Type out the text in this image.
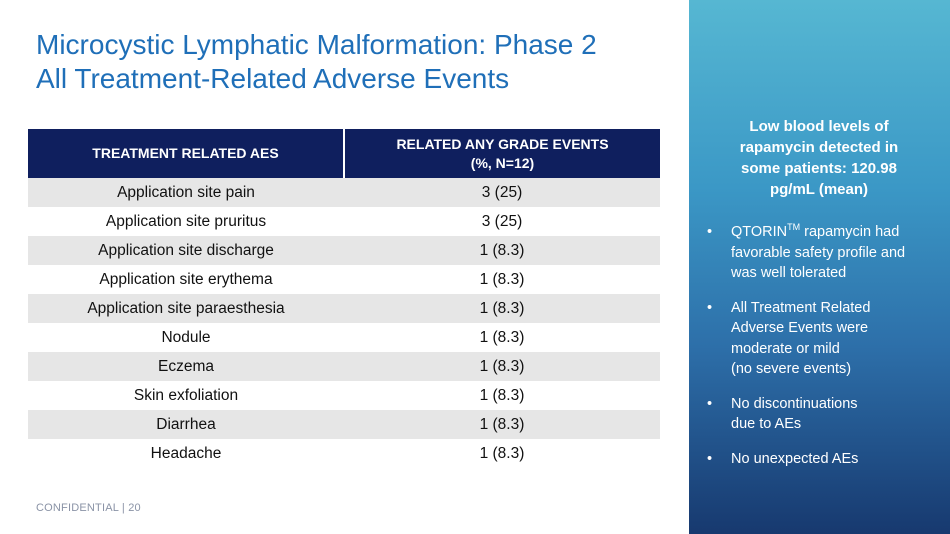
Microcystic Lymphatic Malformation: Phase 2
All Treatment-Related Adverse Events
TREATMENT RELATED AES	RELATED ANY GRADE EVENTS
(%, N=12)

Application site pain	3 (25)
Application site pruritus	3 (25)
Application site discharge	1 (8.3)
Application site erythema	1 (8.3)
Application site paraesthesia	1 (8.3)
Nodule	1 (8.3)
Eczema	1 (8.3)
Skin exfoliation	1 (8.3)
Diarrhea	1 (8.3)
Headache	1 (8.3)
CONFIDENTIAL | 20
Low blood levels of
rapamycin detected in
some patients: 120.98
pg/mL (mean)
• QTORIN™ rapamycin had
favorable safety profile and
was well tolerated
• All Treatment Related
Adverse Events were
moderate or mild
(no severe events)
• No discontinuations
due to AEs
• No unexpected AEs
